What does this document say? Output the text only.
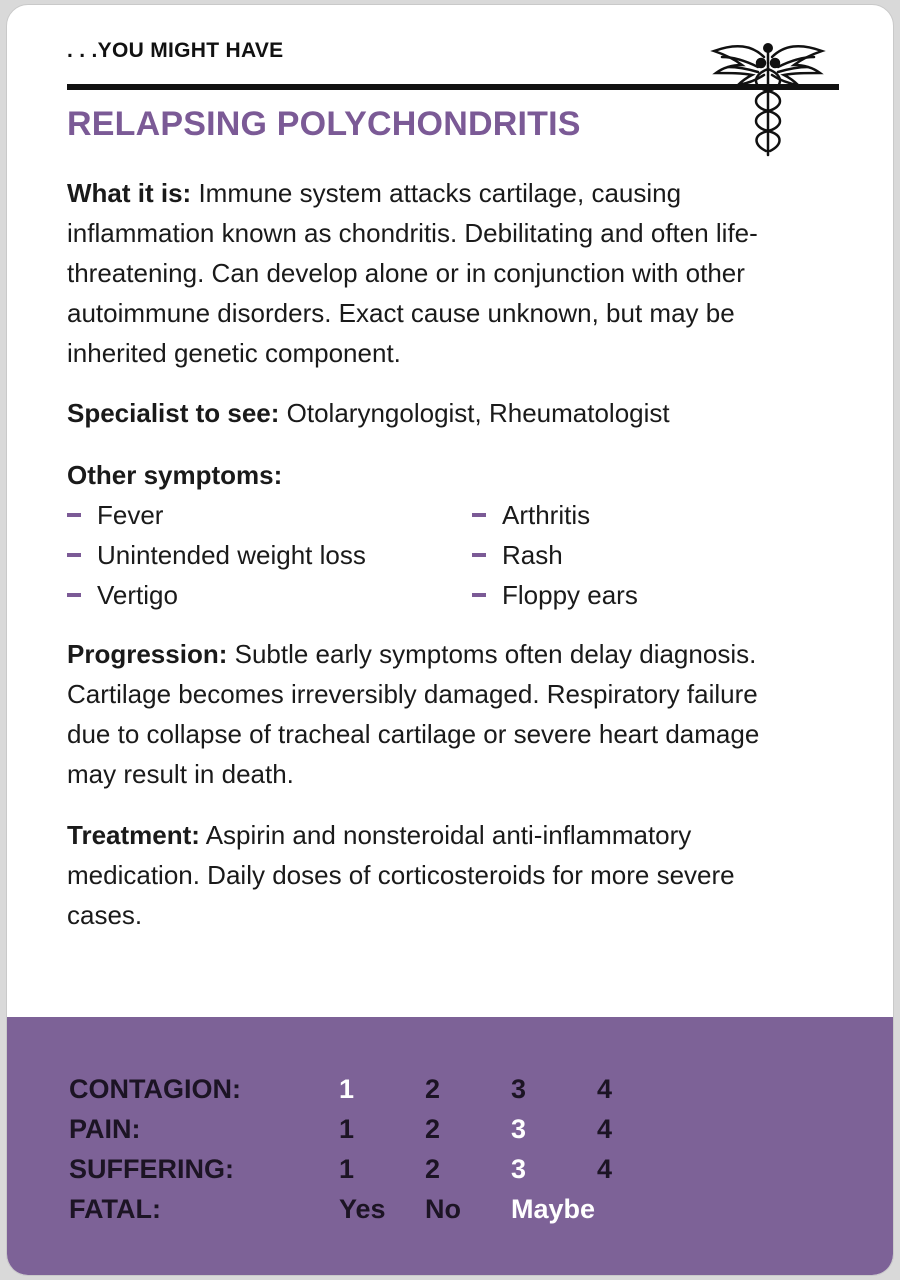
. . .YOU MIGHT HAVE
RELAPSING POLYCHONDRITIS
What it is: Immune system attacks cartilage, causing inflammation known as chondritis. Debilitating and often life-threatening. Can develop alone or in conjunction with other autoimmune disorders. Exact cause unknown, but may be inherited genetic component.
Specialist to see: Otolaryngologist, Rheumatologist
Other symptoms:
Fever
Unintended weight loss
Vertigo
Arthritis
Rash
Floppy ears
Progression: Subtle early symptoms often delay diagnosis. Cartilage becomes irreversibly damaged. Respiratory failure due to collapse of tracheal cartilage or severe heart damage may result in death.
Treatment: Aspirin and nonsteroidal anti-inflammatory medication. Daily doses of corticosteroids for more severe cases.
CONTAGION:	1	2	3	4
PAIN:	1	2	3	4
SUFFERING:	1	2	3	4
FATAL:	Yes	No	Maybe	
